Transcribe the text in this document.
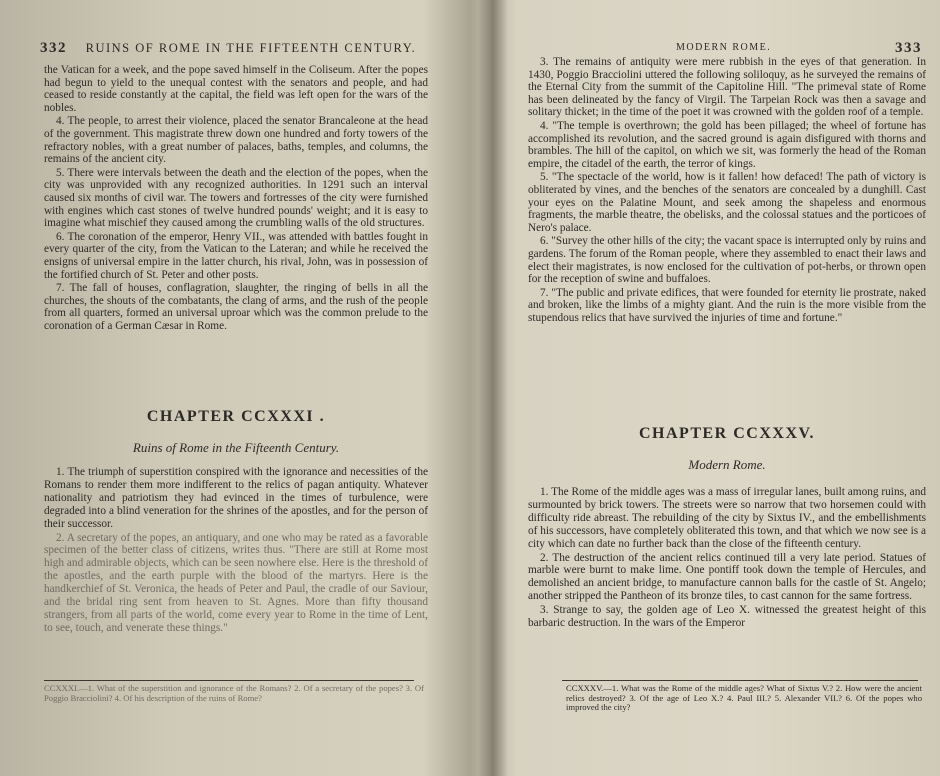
332 RUINS OF ROME IN THE FIFTEENTH CENTURY.

the Vatican for a week, and the pope saved himself in the Coliseum. After the popes had begun to yield to the unequal contest with the senators and people, and had ceased to reside constantly at the capital, the field was left open for the wars of the nobles.

4. The people, to arrest their violence, placed the senator Brancaleone at the head of the government. This magistrate threw down one hundred and forty towers of the refractory nobles, with a great number of palaces, baths, temples, and columns, the remains of the ancient city.

5. There were intervals between the death and the election of the popes, when the city was unprovided with any recognized authorities. In 1291 such an interval caused six months of civil war. The towers and fortresses of the city were furnished with engines which cast stones of twelve hundred pounds' weight; and it is easy to imagine what mischief they caused among the crumbling walls of the old structures.

6. The coronation of the emperor, Henry VII., was attended with battles fought in every quarter of the city, from the Vatican to the Lateran; and while he received the ensigns of universal empire in the latter church, his rival, John, was in possession of the fortified church of St. Peter and other posts.

7. The fall of houses, conflagration, slaughter, the ringing of bells in all the churches, the shouts of the combatants, the clang of arms, and the rush of the people from all quarters, formed an universal uproar which was the common prelude to the coronation of a German Cæsar in Rome.

CHAPTER CCXXXI .

Ruins of Rome in the Fifteenth Century.

1. The triumph of superstition conspired with the ignorance and necessities of the Romans to render them more indifferent to the relics of pagan antiquity. Whatever nationality and patriotism they had evinced in the times of turbulence, were degraded into a blind veneration for the shrines of the apostles, and for the person of their successor.

2. A secretary of the popes, an antiquary, and one who may be rated as a favorable specimen of the better class of citizens, writes thus. "There are still at Rome most high and admirable objects, which can be seen nowhere else. Here is the threshold of the apostles, and the earth purple with the blood of the martyrs. Here is the handkerchief of St. Veronica, the heads of Peter and Paul, the cradle of our Saviour, and the bridal ring sent from heaven to St. Agnes. More than fifty thousand strangers, from all parts of the world, come every year to Rome in the time of Lent, to see, touch, and venerate these things."

CCXXXI.—1. What of the superstition and ignorance of the Romans? 2. Of a secretary of the popes? 3. Of Poggio Bracciolini? 4. Of his description of the ruins of Rome?
MODERN ROME.	333

3. The remains of antiquity were mere rubbish in the eyes of that generation. In 1430, Poggio Bracciolini uttered the following soliloquy, as he surveyed the remains of the Eternal City from the summit of the Capitoline Hill. "The primeval state of Rome has been delineated by the fancy of Virgil. The Tarpeian Rock was then a savage and solitary thicket; in the time of the poet it was crowned with the golden roof of a temple.

4. "The temple is overthrown; the gold has been pillaged; the wheel of fortune has accomplished its revolution, and the sacred ground is again disfigured with thorns and brambles. The hill of the capitol, on which we sit, was formerly the head of the Roman empire, the citadel of the earth, the terror of kings.

5. "The spectacle of the world, how is it fallen! how defaced! The path of victory is obliterated by vines, and the benches of the senators are concealed by a dunghill. Cast your eyes on the Palatine Mount, and seek among the shapeless and enormous fragments, the marble theatre, the obelisks, and the colossal statues and the porticoes of Nero's palace.

6. "Survey the other hills of the city; the vacant space is interrupted only by ruins and gardens. The forum of the Roman people, where they assembled to enact their laws and elect their magistrates, is now enclosed for the cultivation of pot-herbs, or thrown open for the reception of swine and buffaloes.

7. "The public and private edifices, that were founded for eternity lie prostrate, naked and broken, like the limbs of a mighty giant. And the ruin is the more visible from the stupendous relics that have survived the injuries of time and fortune."

CHAPTER CCXXXV.

Modern Rome.

1. The Rome of the middle ages was a mass of irregular lanes, built among ruins, and surmounted by brick towers. The streets were so narrow that two horsemen could with difficulty ride abreast. The rebuilding of the city by Sixtus IV., and the embellishments of his successors, have completely obliterated this town, and that which we now see is a city which can date no further back than the close of the fifteenth century.

2. The destruction of the ancient relics continued till a very late period. Statues of marble were burnt to make lime. One pontiff took down the temple of Hercules, and demolished an ancient bridge, to manufacture cannon balls for the castle of St. Angelo; another stripped the Pantheon of its bronze tiles, to cast cannon for the same fortress.

3. Strange to say, the golden age of Leo X. witnessed the greatest height of this barbaric destruction. In the wars of the Emperor

CCXXXV.—1. What was the Rome of the middle ages? What of Sixtus V.? 2. How were the ancient relics destroyed? 3. Of the age of Leo X.? 4. Paul III.? 5. Alexander VII.? 6. Of the popes who improved the city?
